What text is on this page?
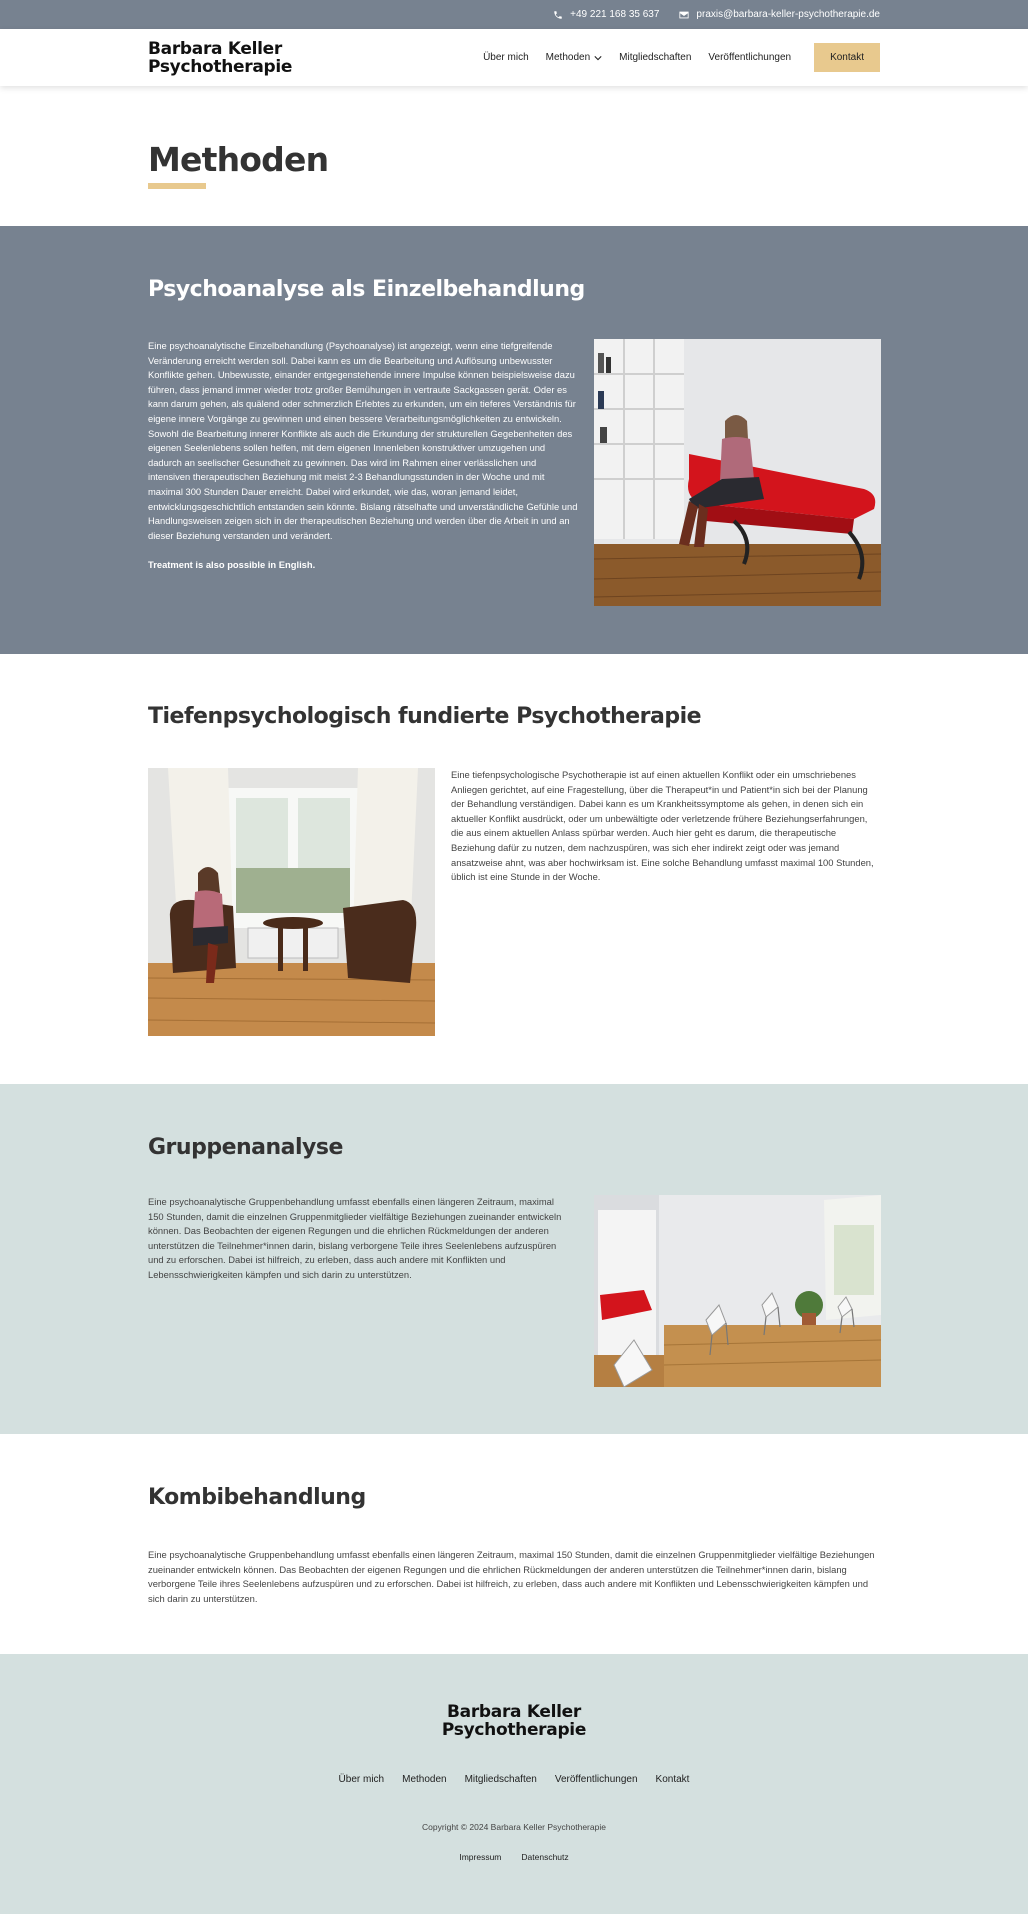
+49 221 168 35 637	praxis@barbara-keller-psychotherapie.de
Barbara Keller
Psychotherapie	Über mich Methoden	Mitgliedschaften Veröffentlichungen	Kontakt
Methoden
Psychoanalyse als Einzelbehandlung

Eine psychoanalytische Einzelbehandlung (Psychoanalyse) ist angezeigt, wenn eine tiefgreifende Veränderung erreicht werden soll. Dabei kann es um die Bearbeitung und Auflösung unbewusster Konflikte gehen. Unbewusste, einander entgegenstehende innere Impulse können beispielsweise dazu führen, dass jemand immer wieder trotz großer Bemühungen in vertraute Sackgassen gerät. Oder es kann darum gehen, als quälend oder schmerzlich Erlebtes zu erkunden, um ein tieferes Verständnis für eigene innere Vorgänge zu gewinnen und einen bessere Verarbeitungsmöglichkeiten zu entwickeln. Sowohl die Bearbeitung innerer Konflikte als auch die Erkundung der strukturellen Gegebenheiten des eigenen Seelenlebens sollen helfen, mit dem eigenen Innenleben konstruktiver umzugehen und dadurch an seelischer Gesundheit zu gewinnen. Das wird im Rahmen einer verlässlichen und intensiven therapeutischen Beziehung mit meist 2-3 Behandlungsstunden in der Woche und mit maximal 300 Stunden Dauer erreicht. Dabei wird erkundet, wie das, woran jemand leidet, entwicklungsgeschichtlich entstanden sein könnte. Bislang rätselhafte und unverständliche Gefühle und Handlungsweisen zeigen sich in der therapeutischen Beziehung und werden über die Arbeit in und an dieser Beziehung verstanden und verändert.

Treatment is also possible in English.

Tiefenpsychologisch fundierte Psychotherapie

Eine tiefenpsychologische Psychotherapie ist auf einen aktuellen Konflikt oder ein umschriebenes Anliegen gerichtet, auf eine Fragestellung, über die Therapeut*in und Patient*in sich bei der Planung der Behandlung verständigen. Dabei kann es um Krankheitssymptome als gehen, in denen sich ein aktueller Konflikt ausdrückt, oder um unbewältigte oder verletzende frühere Beziehungserfahrungen, die aus einem aktuellen Anlass spürbar werden. Auch hier geht es darum, die therapeutische Beziehung dafür zu nutzen, dem nachzuspüren, was sich eher indirekt zeigt oder was jemand ansatzweise ahnt, was aber hochwirksam ist. Eine solche Behandlung umfasst maximal 100 Stunden, üblich ist eine Stunde in der Woche.

Gruppenanalyse

Eine psychoanalytische Gruppenbehandlung umfasst ebenfalls einen längeren Zeitraum, maximal 150 Stunden, damit die einzelnen Gruppenmitglieder vielfältige Beziehungen zueinander entwickeln können. Das Beobachten der eigenen Regungen und die ehrlichen Rückmeldungen der anderen unterstützen die Teilnehmer*innen darin, bislang verborgene Teile ihres Seelenlebens aufzuspüren und zu erforschen. Dabei ist hilfreich, zu erleben, dass auch andere mit Konflikten und Lebensschwierigkeiten kämpfen und sich darin zu unterstützen.

Kombibehandlung

Eine psychoanalytische Gruppenbehandlung umfasst ebenfalls einen längeren Zeitraum, maximal 150 Stunden, damit die einzelnen Gruppenmitglieder vielfältige Beziehungen zueinander entwickeln können. Das Beobachten der eigenen Regungen und die ehrlichen Rückmeldungen der anderen unterstützen die Teilnehmer*innen darin, bislang verborgene Teile ihres Seelenlebens aufzuspüren und zu erforschen. Dabei ist hilfreich, zu erleben, dass auch andere mit Konflikten und Lebensschwierigkeiten kämpfen und sich darin zu unterstützen.

Barbara Keller
Psychotherapie
Über mich Methoden Mitgliedschaften Veröffentlichungen Kontakt
Copyright © 2024 Barbara Keller Psychotherapie
Impressum Datenschutz
